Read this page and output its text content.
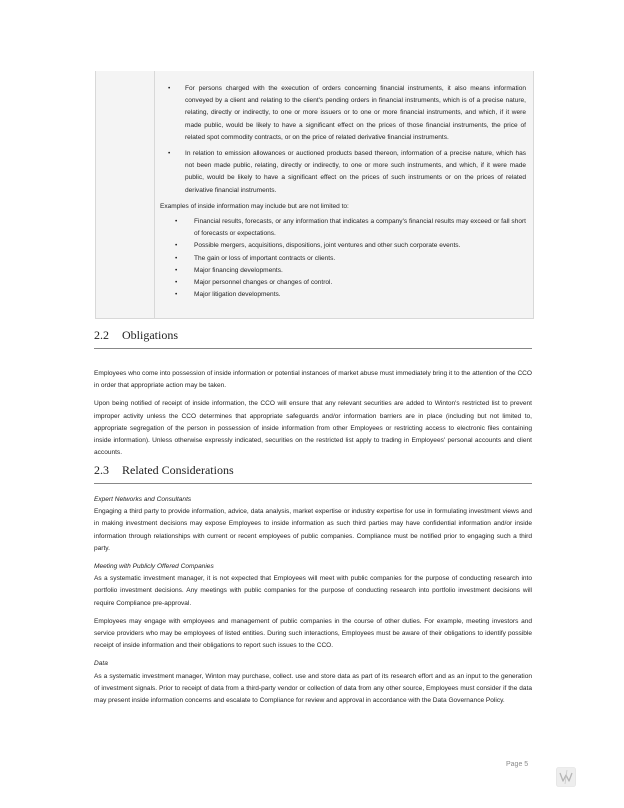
• For persons charged with the execution of orders concerning financial instruments, it also means information conveyed by a client and relating to the client's pending orders in financial instruments, which is of a precise nature, relating, directly or indirectly, to one or more issuers or to one or more financial instruments, and which, if it were made public, would be likely to have a significant effect on the prices of those financial instruments, the price of related spot commodity contracts, or on the price of related derivative financial instruments.
• In relation to emission allowances or auctioned products based thereon, information of a precise nature, which has not been made public, relating, directly or indirectly, to one or more such instruments, and which, if it were made public, would be likely to have a significant effect on the prices of such instruments or on the prices of related derivative financial instruments.
Examples of inside information may include but are not limited to:
• Financial results, forecasts, or any information that indicates a company's financial results may exceed or fall short of forecasts or expectations.
• Possible mergers, acquisitions, dispositions, joint ventures and other such corporate events.
• The gain or loss of important contracts or clients.
• Major financing developments.
• Major personnel changes or changes of control.
• Major litigation developments.
2.2 Obligations

Employees who come into possession of inside information or potential instances of market abuse must immediately bring it to the attention of the CCO in order that appropriate action may be taken.

Upon being notified of receipt of inside information, the CCO will ensure that any relevant securities are added to Winton's restricted list to prevent improper activity unless the CCO determines that appropriate safeguards and/or information barriers are in place (including but not limited to, appropriate segregation of the person in possession of inside information from other Employees or restricting access to electronic files containing inside information). Unless otherwise expressly indicated, securities on the restricted list apply to trading in Employees' personal accounts and client accounts.

2.3 Related Considerations

Expert Networks and Consultants

Engaging a third party to provide information, advice, data analysis, market expertise or industry expertise for use in formulating investment views and in making investment decisions may expose Employees to inside information as such third parties may have confidential information and/or inside information through relationships with current or recent employees of public companies. Compliance must be notified prior to engaging such a third party.

Meeting with Publicly Offered Companies

As a systematic investment manager, it is not expected that Employees will meet with public companies for the purpose of conducting research into portfolio investment decisions. Any meetings with public companies for the purpose of conducting research into portfolio investment decisions will require Compliance pre-approval.

Employees may engage with employees and management of public companies in the course of other duties. For example, meeting investors and service providers who may be employees of listed entities. During such interactions, Employees must be aware of their obligations to identify possible receipt of inside information and their obligations to report such issues to the CCO.

Data

As a systematic investment manager, Winton may purchase, collect. use and store data as part of its research effort and as an input to the generation of investment signals. Prior to receipt of data from a third-party vendor or collection of data from any other source, Employees must consider if the data may present inside information concerns and escalate to Compliance for review and approval in accordance with the Data Governance Policy.

Page 5
